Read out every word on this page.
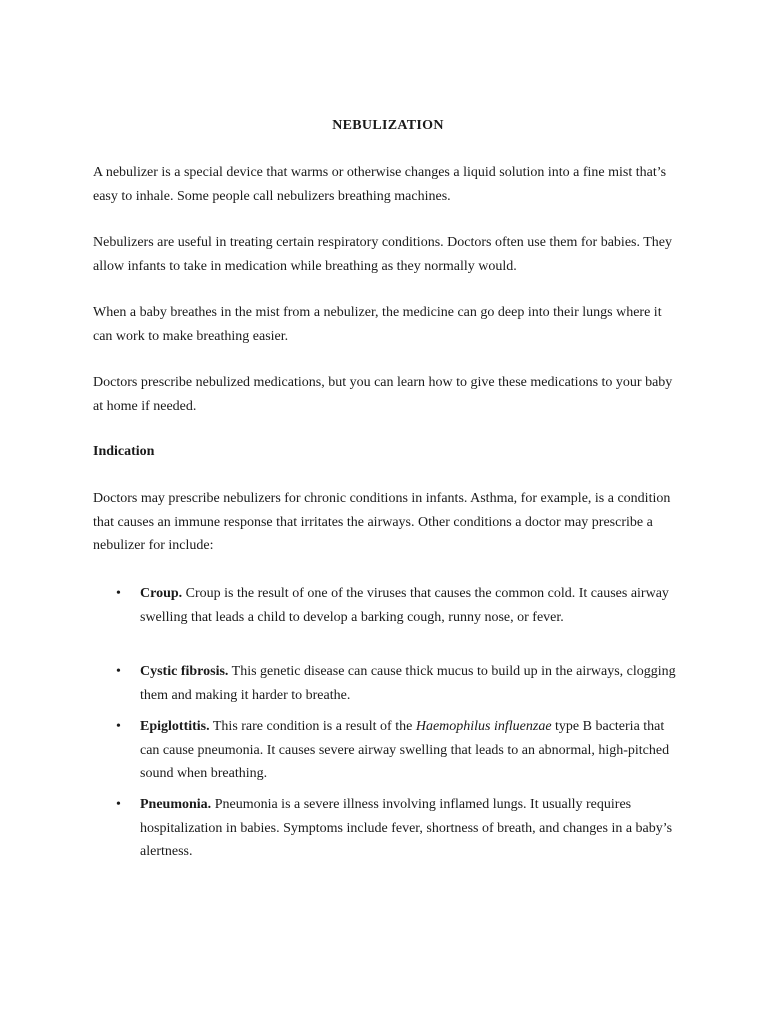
NEBULIZATION

A nebulizer is a special device that warms or otherwise changes a liquid solution into a fine mist that’s easy to inhale. Some people call nebulizers breathing machines.

Nebulizers are useful in treating certain respiratory conditions. Doctors often use them for babies. They allow infants to take in medication while breathing as they normally would.

When a baby breathes in the mist from a nebulizer, the medicine can go deep into their lungs where it can work to make breathing easier.

Doctors prescribe nebulized medications, but you can learn how to give these medications to your baby at home if needed.

Indication

Doctors may prescribe nebulizers for chronic conditions in infants. Asthma, for example, is a condition that causes an immune response that irritates the airways. Other conditions a doctor may prescribe a nebulizer for include:

• Croup. Croup is the result of one of the viruses that causes the common cold. It causes airway swelling that leads a child to develop a barking cough, runny nose, or fever.

• Cystic fibrosis. This genetic disease can cause thick mucus to build up in the airways, clogging them and making it harder to breathe.

• Epiglottitis. This rare condition is a result of the Haemophilus influenzae type B bacteria that can cause pneumonia. It causes severe airway swelling that leads to an abnormal, high-pitched sound when breathing.

• Pneumonia. Pneumonia is a severe illness involving inflamed lungs. It usually requires hospitalization in babies. Symptoms include fever, shortness of breath, and changes in a baby’s alertness.
